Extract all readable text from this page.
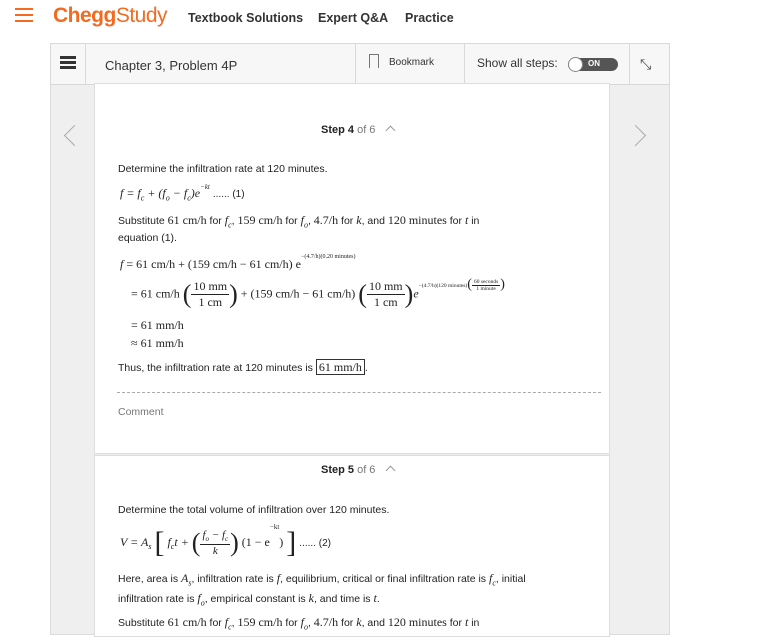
CheggStudy Textbook Solutions Expert Q&A Practice
Chapter 3, Problem 4P	Bookmark	Show all steps:	ON	⤡
Step 4 of 6
Determine the infiltration rate at 120 minutes.
$f = f_c + (f_o - f_c)e^{-kt}$ ...... (1)
Substitute 61 cm/h for $f_c$, 159 cm/h for $f_o$, 4.7/h for k, and 120 minutes for t in
equation (1).
f = 61 cm/h + (159 cm/h − 61 cm/h) $e^{-(4.7/h)(0.20 minutes)}$
= 61 cm/h ( $\frac{10 mm}{1 cm}$ ) + (159 cm/h − 61 cm/h) ( $\frac{10 mm}{1 cm} )e^{-(4.7/h)(120 minutes)}( \frac{\text{60 seconds}}{\text{1 minute}}$ )
= 61 mm/h
≈ 61 mm/h
Thus, the infiltration rate at 120 minutes is 61 mm/h .
Comment
Step 5 of 6
Determine the total volume of infiltration over 120 minutes.
$V = A_s$ [ $f_ct$ + ( $\frac{f_o - f_c}{k}$ ) $(1 - e^{-kt})$ ] ...... (2)
Here, area is $A_s$, infiltration rate is f, equilibrium, critical or final infiltration rate is $f_c$, initial
infiltration rate is $f_o$, empirical constant is k, and time is t.
Substitute 61 cm/h for $f_c$, 159 cm/h for $f_o$, 4.7/h for k, and 120 minutes for t in
